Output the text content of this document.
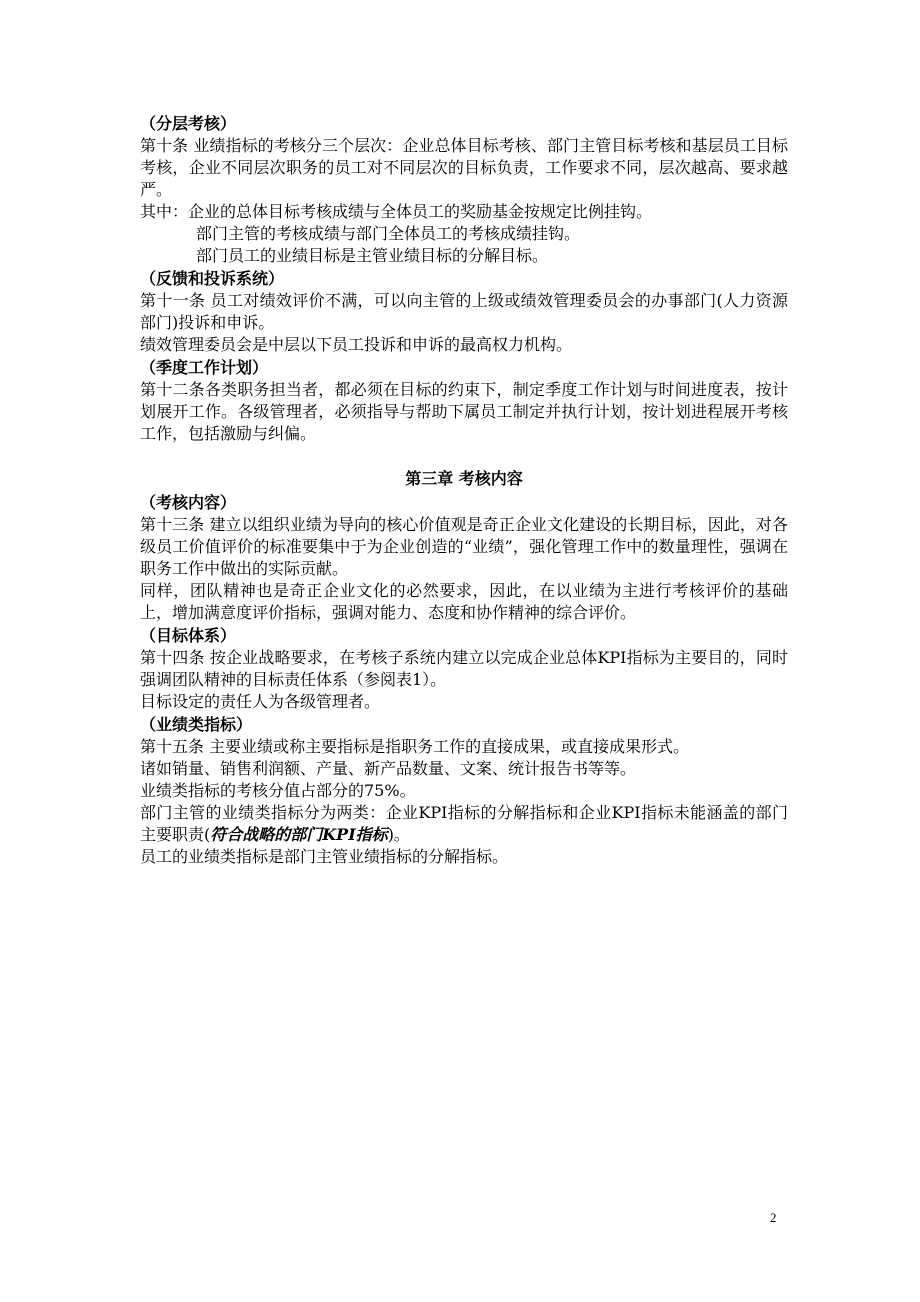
（分层考核）

第十条 业绩指标的考核分三个层次：企业总体目标考核、部门主管目标考核和基层员工目标考核，企业不同层次职务的员工对不同层次的目标负责，工作要求不同，层次越高、要求越严。

其中：企业的总体目标考核成绩与全体员工的奖励基金按规定比例挂钩。

部门主管的考核成绩与部门全体员工的考核成绩挂钩。

部门员工的业绩目标是主管业绩目标的分解目标。

（反馈和投诉系统）

第十一条 员工对绩效评价不满，可以向主管的上级或绩效管理委员会的办事部门(人力资源部门)投诉和申诉。

绩效管理委员会是中层以下员工投诉和申诉的最高权力机构。

（季度工作计划）

第十二条各类职务担当者，都必须在目标的约束下，制定季度工作计划与时间进度表，按计划展开工作。各级管理者，必须指导与帮助下属员工制定并执行计划，按计划进程展开考核工作，包括激励与纠偏。

第三章 考核内容

（考核内容）

第十三条 建立以组织业绩为导向的核心价值观是奇正企业文化建设的长期目标，因此，对各级员工价值评价的标准要集中于为企业创造的“业绩”，强化管理工作中的数量理性，强调在职务工作中做出的实际贡献。

同样，团队精神也是奇正企业文化的必然要求，因此，在以业绩为主进行考核评价的基础上，增加满意度评价指标，强调对能力、态度和协作精神的综合评价。

（目标体系）

第十四条 按企业战略要求，在考核子系统内建立以完成企业总体KPI指标为主要目的，同时强调团队精神的目标责任体系（参阅表1）。

目标设定的责任人为各级管理者。

（业绩类指标）

第十五条 主要业绩或称主要指标是指职务工作的直接成果，或直接成果形式。

诸如销量、销售利润额、产量、新产品数量、文案、统计报告书等等。

业绩类指标的考核分值占部分的75%。

部门主管的业绩类指标分为两类：企业KPI指标的分解指标和企业KPI指标未能涵盖的部门主要职责(符合战略的部门KPI指标)。

员工的业绩类指标是部门主管业绩指标的分解指标。

2
